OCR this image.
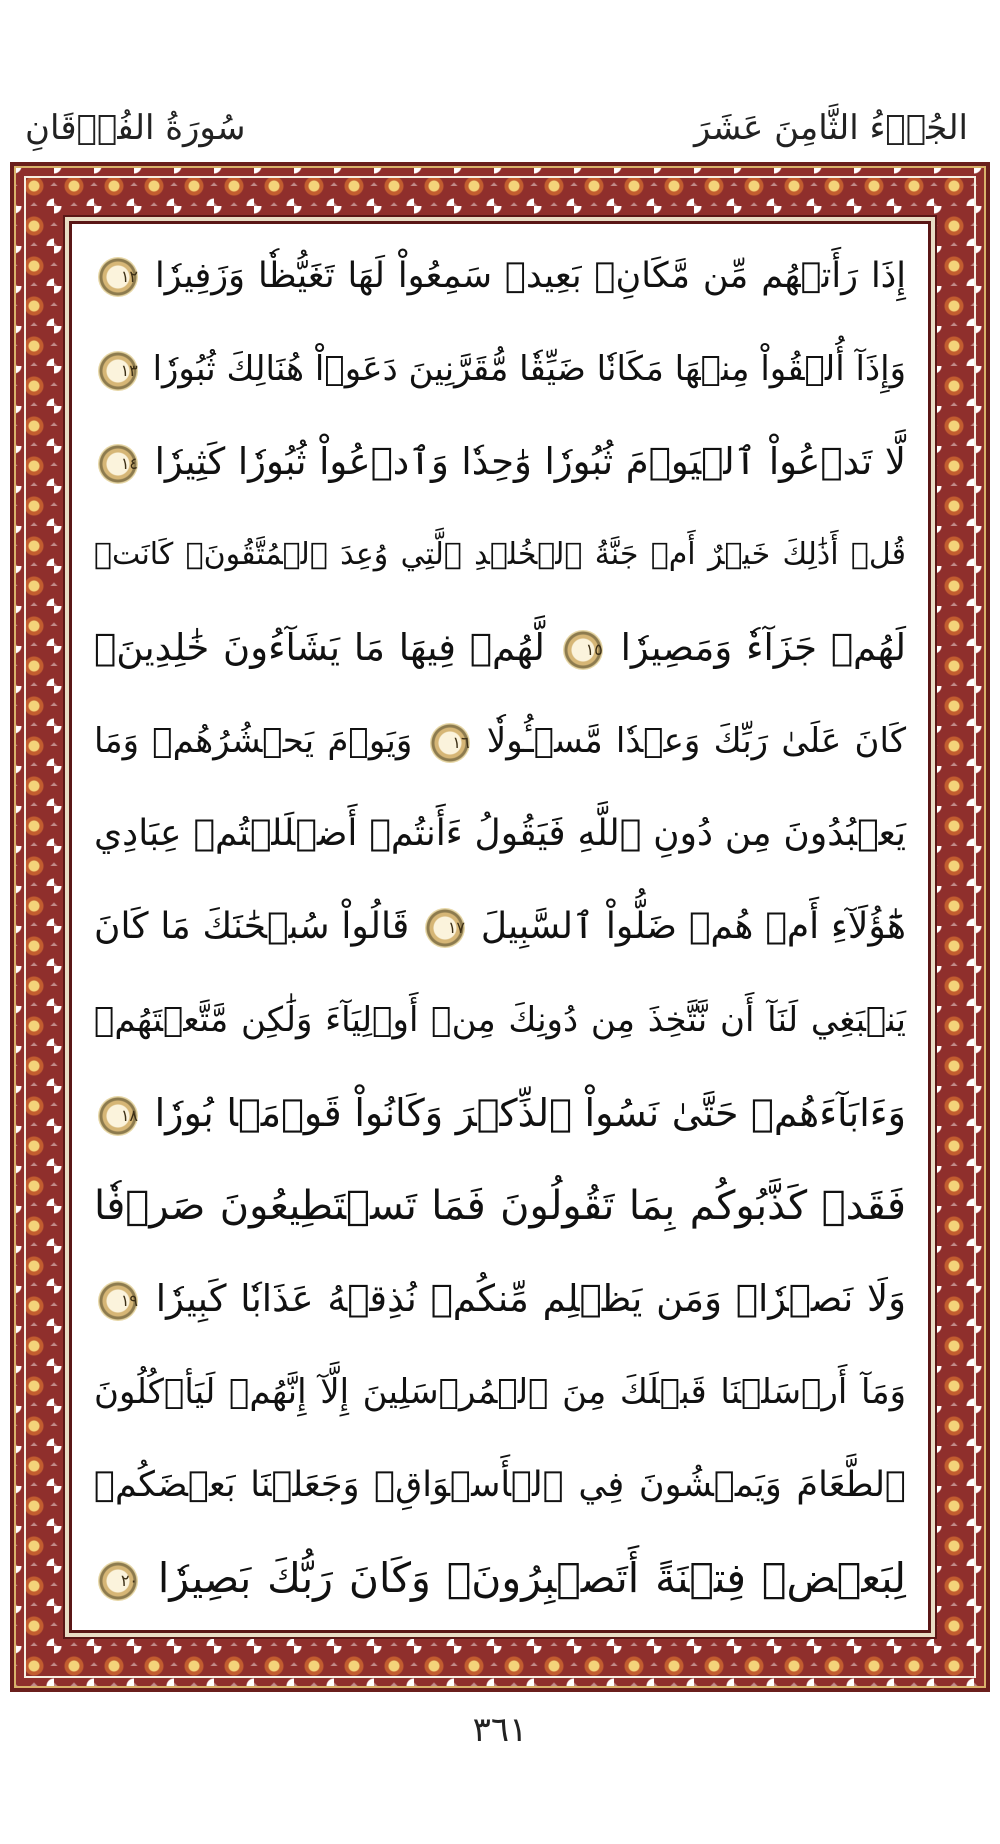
سُورَةُ الفُرۡقَانِ	الجُزۡءُ الثَّامِنَ عَشَرَ
إِذَا رَأَتۡهُم مِّن مَّكَانِۭ بَعِيدٖ سَمِعُواْ لَهَا تَغَيُّظٗا وَزَفِيرٗا
١٢
وَإِذَآ أُلۡقُواْ مِنۡهَا مَكَانٗا ضَيِّقٗا مُّقَرَّنِينَ دَعَوۡاْ هُنَالِكَ ثُبُورٗا
١٣
لَّا تَدۡعُواْ ٱلۡيَوۡمَ ثُبُورٗا وَٰحِدٗا وَٱدۡعُواْ ثُبُورٗا كَثِيرٗا
١٤
قُلۡ أَذَٰلِكَ خَيۡرٌ أَمۡ جَنَّةُ ٱلۡخُلۡدِ ٱلَّتِي وُعِدَ ٱلۡمُتَّقُونَۚ كَانَتۡ
لَهُمۡ جَزَآءٗ وَمَصِيرٗا
١٥
لَّهُمۡ فِيهَا مَا يَشَآءُونَ خَٰلِدِينَۚ
كَانَ عَلَىٰ رَبِّكَ وَعۡدٗا مَّسۡـُٔولٗا
١٦
وَيَوۡمَ يَحۡشُرُهُمۡ وَمَا
يَعۡبُدُونَ مِن دُونِ ٱللَّهِ فَيَقُولُ ءَأَنتُمۡ أَضۡلَلۡتُمۡ عِبَادِي
هَٰٓؤُلَآءِ أَمۡ هُمۡ ضَلُّواْ ٱلسَّبِيلَ
١٧
قَالُواْ سُبۡحَٰنَكَ مَا كَانَ
يَنۢبَغِي لَنَآ أَن نَّتَّخِذَ مِن دُونِكَ مِنۡ أَوۡلِيَآءَ وَلَٰكِن مَّتَّعۡتَهُمۡ
وَءَابَآءَهُمۡ حَتَّىٰ نَسُواْ ٱلذِّكۡرَ وَكَانُواْ قَوۡمَۢا بُورٗا
١٨
فَقَدۡ كَذَّبُوكُم بِمَا تَقُولُونَ فَمَا تَسۡتَطِيعُونَ صَرۡفٗا
وَلَا نَصۡرٗاۚ وَمَن يَظۡلِم مِّنكُمۡ نُذِقۡهُ عَذَابٗا كَبِيرٗا
١٩
وَمَآ أَرۡسَلۡنَا قَبۡلَكَ مِنَ ٱلۡمُرۡسَلِينَ إِلَّآ إِنَّهُمۡ لَيَأۡكُلُونَ
ٱلطَّعَامَ وَيَمۡشُونَ فِي ٱلۡأَسۡوَاقِۗ وَجَعَلۡنَا بَعۡضَكُمۡ
لِبَعۡضٖ فِتۡنَةً أَتَصۡبِرُونَۗ وَكَانَ رَبُّكَ بَصِيرٗا
٢٠
٣٦١
